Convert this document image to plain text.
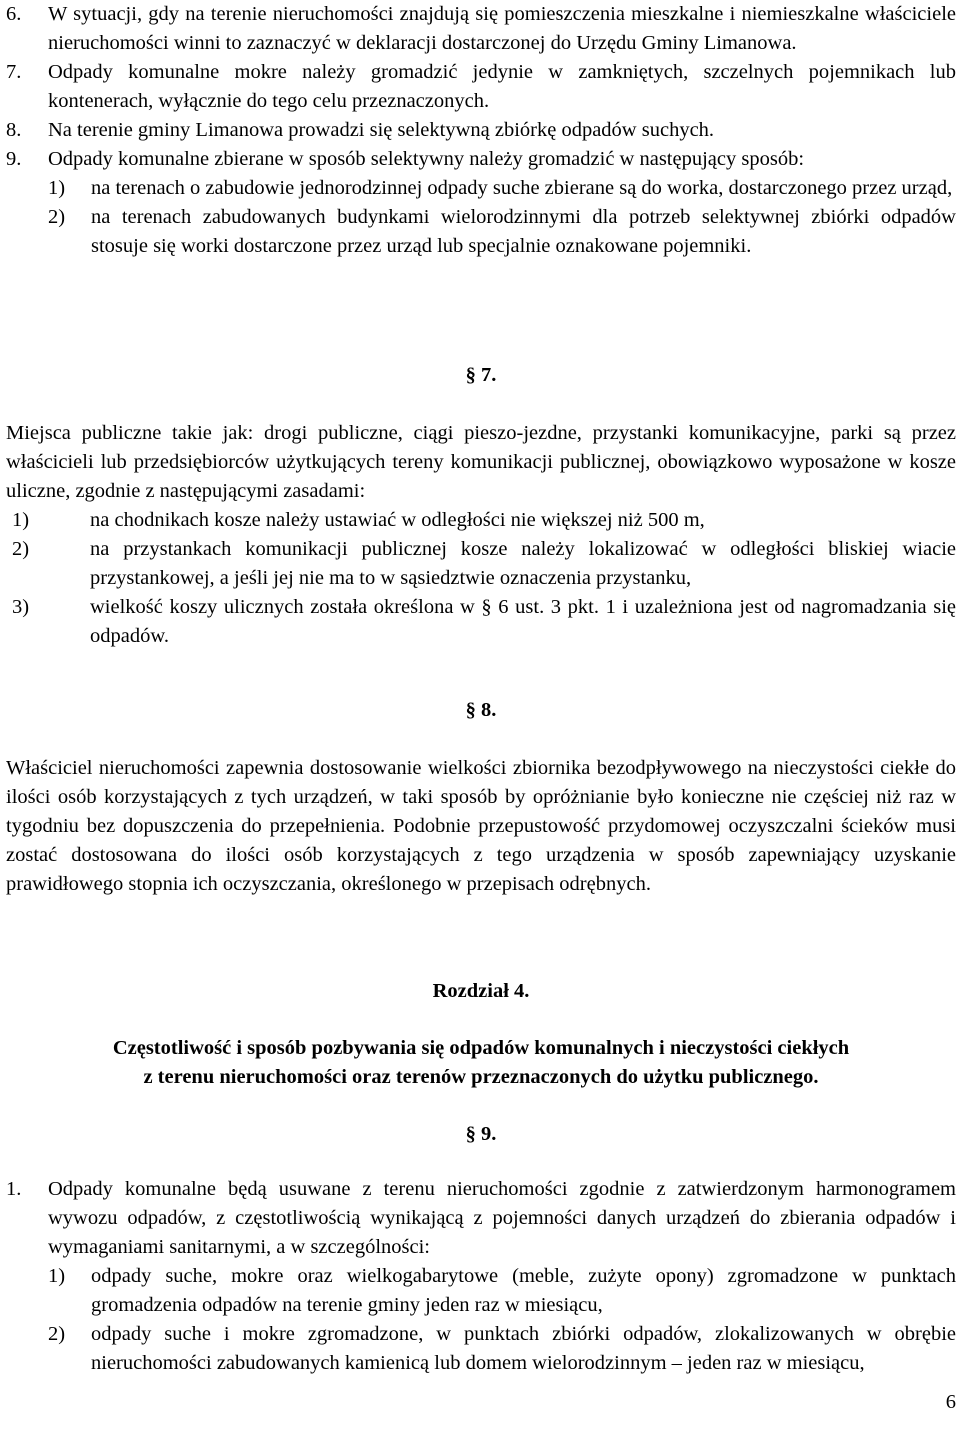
6. W sytuacji, gdy na terenie nieruchomości znajdują się pomieszczenia mieszkalne i niemieszkalne właściciele nieruchomości winni to zaznaczyć w deklaracji dostarczonej do Urzędu Gminy Limanowa.

7. Odpady komunalne mokre należy gromadzić jedynie w zamkniętych, szczelnych pojemnikach lub kontenerach, wyłącznie do tego celu przeznaczonych.

8. Na terenie gminy Limanowa prowadzi się selektywną zbiórkę odpadów suchych.

9. Odpady komunalne zbierane w sposób selektywny należy gromadzić w następujący sposób:

1) na terenach o zabudowie jednorodzinnej odpady suche zbierane są do worka, dostarczonego przez urząd,

2) na terenach zabudowanych budynkami wielorodzinnymi dla potrzeb selektywnej zbiórki odpadów stosuje się worki dostarczone przez urząd lub specjalnie oznakowane pojemniki.

§ 7.

Miejsca publiczne takie jak: drogi publiczne, ciągi pieszo-jezdne, przystanki komunikacyjne, parki są przez właścicieli lub przedsiębiorców użytkujących tereny komunikacji publicznej, obowiązkowo wyposażone w kosze uliczne, zgodnie z następującymi zasadami:

1)	na chodnikach kosze należy ustawiać w odległości nie większej niż 500 m,

2)	na przystankach komunikacji publicznej kosze należy lokalizować w odległości bliskiej wiacie przystankowej, a jeśli jej nie ma to w sąsiedztwie oznaczenia przystanku,

3)	wielkość koszy ulicznych została określona w § 6 ust. 3 pkt. 1 i uzależniona jest od nagromadzania się odpadów.

§ 8.

Właściciel nieruchomości zapewnia dostosowanie wielkości zbiornika bezodpływowego na nieczystości ciekłe do ilości osób korzystających z tych urządzeń, w taki sposób by opróżnianie było konieczne nie częściej niż raz w tygodniu bez dopuszczenia do przepełnienia. Podobnie przepustowość przydomowej oczyszczalni ścieków musi zostać dostosowana do ilości osób korzystających z tego urządzenia w sposób zapewniający uzyskanie prawidłowego stopnia ich oczyszczania, określonego w przepisach odrębnych.

Rozdział 4.

Częstotliwość i sposób pozbywania się odpadów komunalnych i nieczystości ciekłych

z terenu nieruchomości oraz terenów przeznaczonych do użytku publicznego.

§ 9.

1. Odpady komunalne będą usuwane z terenu nieruchomości zgodnie z zatwierdzonym harmonogramem wywozu odpadów, z częstotliwością wynikającą z pojemności danych urządzeń do zbierania odpadów i wymaganiami sanitarnymi, a w szczególności:

1) odpady suche, mokre oraz wielkogabarytowe (meble, zużyte opony) zgromadzone w punktach gromadzenia odpadów na terenie gminy jeden raz w miesiącu,

2) odpady suche i mokre zgromadzone, w punktach zbiórki odpadów, zlokalizowanych w obrębie nieruchomości zabudowanych kamienicą lub domem wielorodzinnym – jeden raz w miesiącu,

6
